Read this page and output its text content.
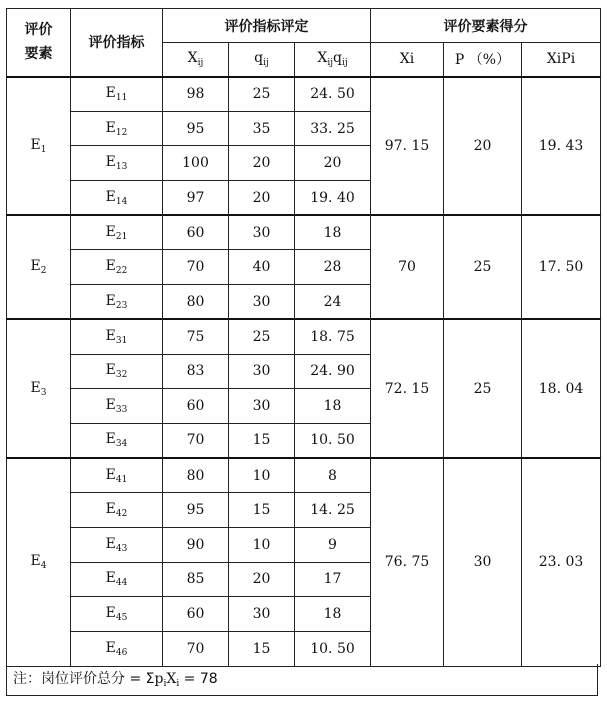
评价
要素	评价指标	评价指标评定			评价要素得分		
		$X_{ij}$	$q_{ij}$	$X_{ij}q_{ij}$	Xi	P （%）	XiPi
$E_1$	$E_{11}$	98	25	24. 50	97. 15	20	19. 43
	$E_{12}$	95	35	33. 25			
	$E_{13}$	100	20	20			
	$E_{14}$	97	20	19. 40			
$E_2$	$E_{21}$	60	30	18	70	25	17. 50
	$E_{22}$	70	40	28			
	$E_{23}$	80	30	24			
$E_3$	$E_{31}$	75	25	18. 75	72. 15	25	18. 04
	$E_{32}$	83	30	24. 90			
	$E_{33}$	60	30	18			
	$E_{34}$	70	15	10. 50			
$E_4$	$E_{41}$	80	10	8	76. 75	30	23. 03
	$E_{42}$	95	15	14. 25			
	$E_{43}$	90	10	9			
	$E_{44}$	85	20	17			
	$E_{45}$	60	30	18			
	$E_{46}$	70	15	10. 50			
注：岗位评价总分 = $\Sigma p_iX_i = 78$
